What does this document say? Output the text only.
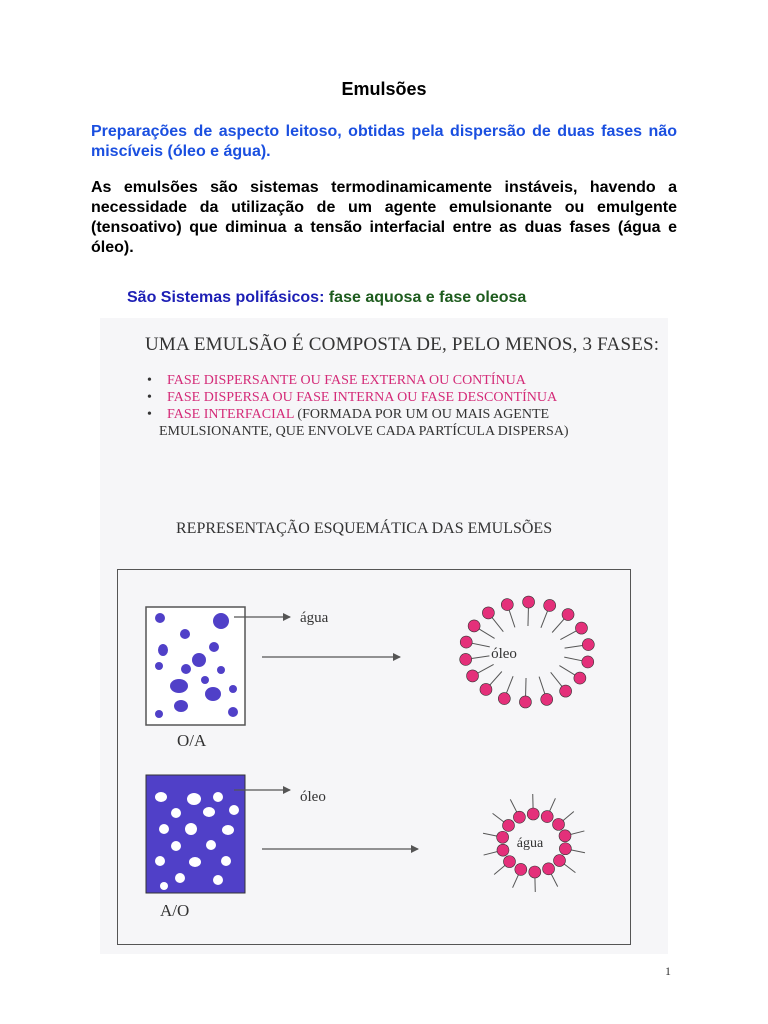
Emulsões
Preparações de aspecto leitoso, obtidas pela dispersão de duas fases não miscíveis (óleo e água).
As emulsões são sistemas termodinamicamente instáveis, havendo a necessidade da utilização de um agente emulsionante ou emulgente (tensoativo) que diminua a tensão interfacial entre as duas fases (água e óleo).
São Sistemas polifásicos: fase aquosa e fase oleosa
UMA EMULSÃO É COMPOSTA DE, PELO MENOS, 3 FASES:
• FASE DISPERSANTE OU FASE EXTERNA OU CONTÍNUA
• FASE DISPERSA OU FASE INTERNA OU FASE DESCONTÍNUA
• FASE INTERFACIAL (FORMADA POR UM OU MAIS AGENTE
EMULSIONANTE, QUE ENVOLVE CADA PARTÍCULA DISPERSA)
REPRESENTAÇÃO ESQUEMÁTICA DAS EMULSÕES
água
óleo
O/A
óleo
água
A/O
1
